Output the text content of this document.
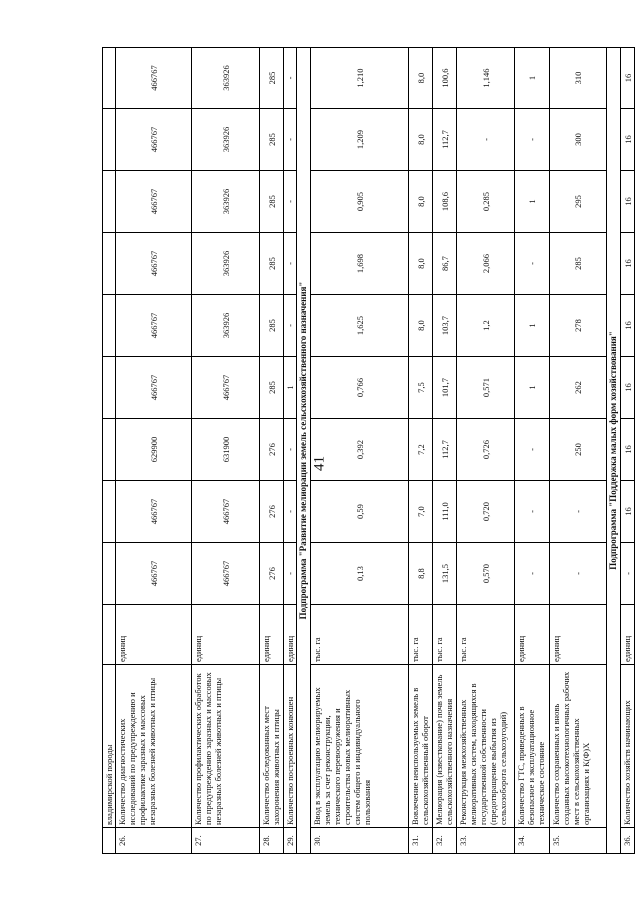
41
	владимирской породы										
26.	Количество диагностических исследований по предупреждению и профилактике заразных и массовых незаразных болезней животных и птицы	единиц	466767	466767	629900	466767	466767	466767	466767	466767	466767
27.	Количество профилактических обработок по предупреждению заразных и массовых незаразных болезней животных и птицы	единиц	466767	466767	631900	466767	363926	363926	363926	363926	363926
28.	Количество обследованных мест захоронения животных и птицы	единиц	276	276	276	285	285	285	285	285	285
29.	Количество построенных конюшен	единиц	-	-	-	1	-	-	-	-	-
Подпрограмма "Развитие мелиорации земель сельскохозяйственного назначения"											
30.	Ввод в эксплуатацию мелиорируемых земель за счет реконструкции, технического перевооружения и строительства новых мелиоративных систем общего и индивидуального пользования	тыс. га	0,13	0,59	0,392	0,766	1,625	1,698	0,905	1,209	1,210
31.	Вовлечение неиспользуемых земель в сельскохозяйственный оборот	тыс. га	8,8	7,0	7,2	7,5	8,0	8,0	8,0	8,0	8,0
32.	Мелиорация (известкование) почв земель сельскохозяйственного назначения	тыс. га	131,5	111,0	112,7	101,7	103,7	86,7	108,6	112,7	100,6
33.	Реконструкция межхозяйственных мелиоративных систем, находящихся в государственной собственности (предотвращение выбытия из сельхозоборота сельхозугодий)	тыс. га	0,570	0,720	0,726	0,571	1,2	2,066	0,285	-	1,146
34.	Количество ГТС, приведенных в безопасное и эксплуатационное техническое состояние	единиц	-	-	-	1	1	-	1	-	1
35.	Количество сохраненных и вновь созданных высокотехнологичных рабочих мест в сельскохозяйственных организациях и К(Ф)Х	единиц	-	-	250	262	278	285	295	300	310
Подпрограмма "Поддержка малых форм хозяйствования"											
36.	Количество хозяйств начинающих	единиц	-	16	16	16	16	16	16	16	16
